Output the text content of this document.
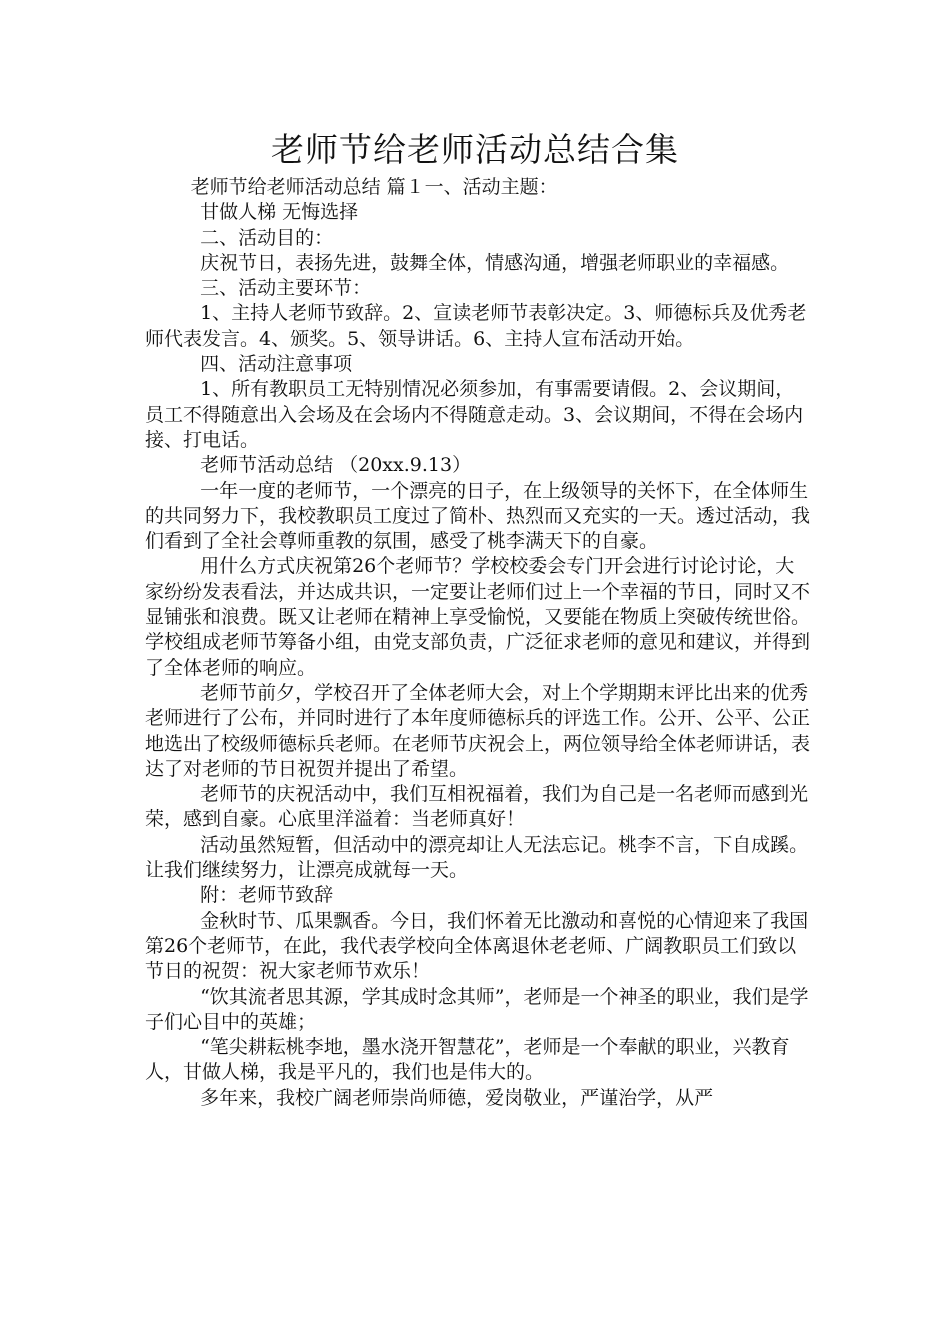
老师节给老师活动总结合集

老师节给老师活动总结 篇１一、活动主题：

甘做人梯 无悔选择

二、活动目的：

庆祝节日，表扬先进，鼓舞全体，情感沟通，增强老师职业的幸福感。

三、活动主要环节：

1、主持人老师节致辞。2、宣读老师节表彰决定。3、师德标兵及优秀老师代表发言。4、颁奖。5、领导讲话。6、主持人宣布活动开始。

四、活动注意事项

1、所有教职员工无特别情况必须参加，有事需要请假。2、会议期间，员工不得随意出入会场及在会场内不得随意走动。3、会议期间，不得在会场内接、打电话。

老师节活动总结 （20xx.9.13）

一年一度的老师节，一个漂亮的日子，在上级领导的关怀下，在全体师生的共同努力下，我校教职员工度过了简朴、热烈而又充实的一天。透过活动，我们看到了全社会尊师重教的氛围，感受了桃李满天下的自豪。

用什么方式庆祝第26个老师节？学校校委会专门开会进行讨论讨论，大家纷纷发表看法，并达成共识，一定要让老师们过上一个幸福的节日，同时又不显铺张和浪费。既又让老师在精神上享受愉悦，又要能在物质上突破传统世俗。学校组成老师节筹备小组，由党支部负责，广泛征求老师的意见和建议，并得到了全体老师的响应。

老师节前夕，学校召开了全体老师大会，对上个学期期末评比出来的优秀老师进行了公布，并同时进行了本年度师德标兵的评选工作。公开、公平、公正地选出了校级师德标兵老师。在老师节庆祝会上，两位领导给全体老师讲话，表达了对老师的节日祝贺并提出了希望。

老师节的庆祝活动中，我们互相祝福着，我们为自己是一名老师而感到光荣，感到自豪。心底里洋溢着：当老师真好！

活动虽然短暂，但活动中的漂亮却让人无法忘记。桃李不言，下自成蹊。让我们继续努力，让漂亮成就每一天。

附：老师节致辞

金秋时节、瓜果飘香。今日，我们怀着无比激动和喜悦的心情迎来了我国第26个老师节，在此，我代表学校向全体离退休老老师、广阔教职员工们致以节日的祝贺：祝大家老师节欢乐！

“饮其流者思其源，学其成时念其师”，老师是一个神圣的职业，我们是学子们心目中的英雄；

“笔尖耕耘桃李地，墨水浇开智慧花”，老师是一个奉献的职业，兴教育人，甘做人梯，我是平凡的，我们也是伟大的。

多年来，我校广阔老师崇尚师德，爱岗敬业，严谨治学，从严
